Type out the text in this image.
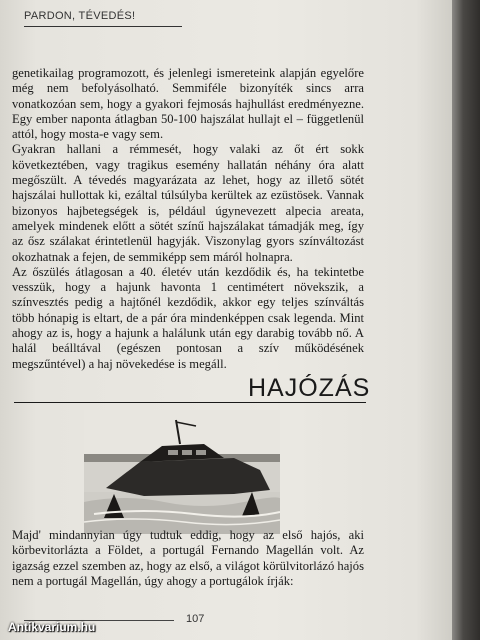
PARDON, TÉVEDÉS!

genetikailag programozott, és jelenlegi ismereteink alapján egyelőre még nem befolyásolható. Semmiféle bizonyíték sincs arra vonatkozóan sem, hogy a gyakori fejmosás hajhullást eredményezne. Egy ember naponta átlagban 50-100 hajszálat hullajt el – függetlenül attól, hogy mosta-e vagy sem.

Gyakran hallani a rémmesét, hogy valaki az őt ért sokk következtében, vagy tragikus esemény hallatán néhány óra alatt megőszült. A tévedés magyarázata az lehet, hogy az illető sötét hajszálai hullottak ki, ezáltal túlsúlyba kerültek az ezüstösek. Vannak bizonyos hajbetegségek is, például úgynevezett alpecia areata, amelyek mindenek előtt a sötét színű hajszálakat támadják meg, így az ősz szálakat érintetlenül hagyják. Viszonylag gyors színváltozást okozhatnak a fejen, de semmiképp sem máról holnapra.

Az őszülés átlagosan a 40. életév után kezdődik és, ha tekintetbe vesszük, hogy a hajunk havonta 1 centimétert növekszik, a színvesztés pedig a hajtőnél kezdődik, akkor egy teljes színváltás több hónapig is eltart, de a pár óra mindenképpen csak legenda. Mint ahogy az is, hogy a hajunk a halálunk után egy darabig tovább nő. A halál beálltával (egészen pontosan a szív működésének megszűntével) a haj növekedése is megáll.

HAJÓZÁS

Majd' mindannyian úgy tudtuk eddig, hogy az első hajós, aki körbevitorlázta a Földet, a portugál Fernando Magellán volt. Az igazság ezzel szemben az, hogy az első, a világot körülvitorlázó hajós nem a portugál Magellán, úgy ahogy a portugálok írják:

107
Antikvarium.hu
